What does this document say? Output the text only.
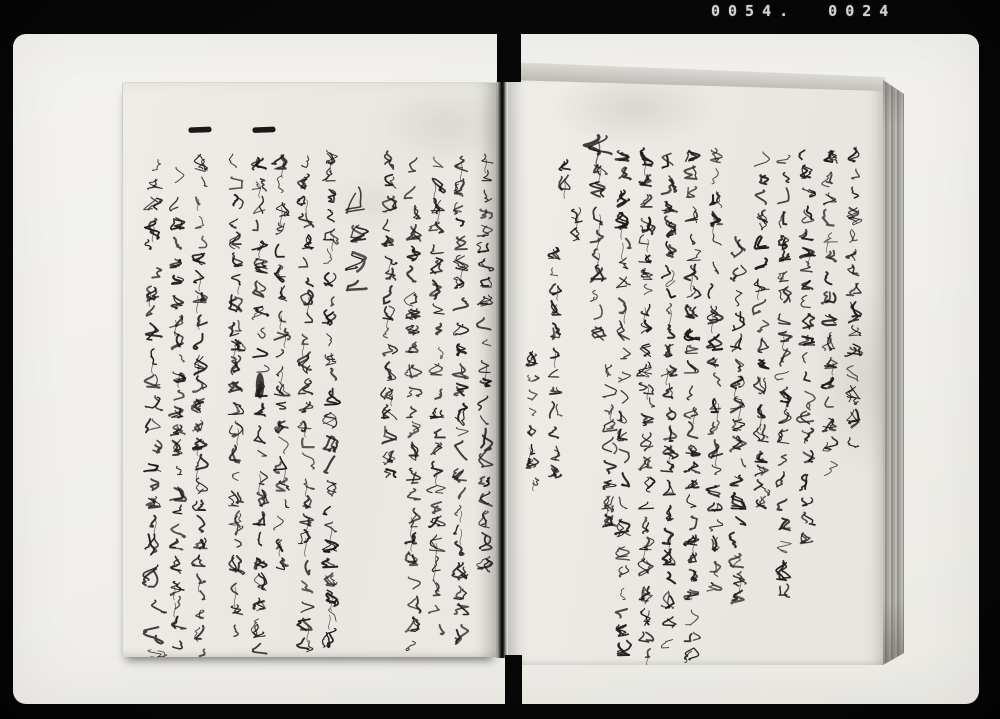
0054. 0024
